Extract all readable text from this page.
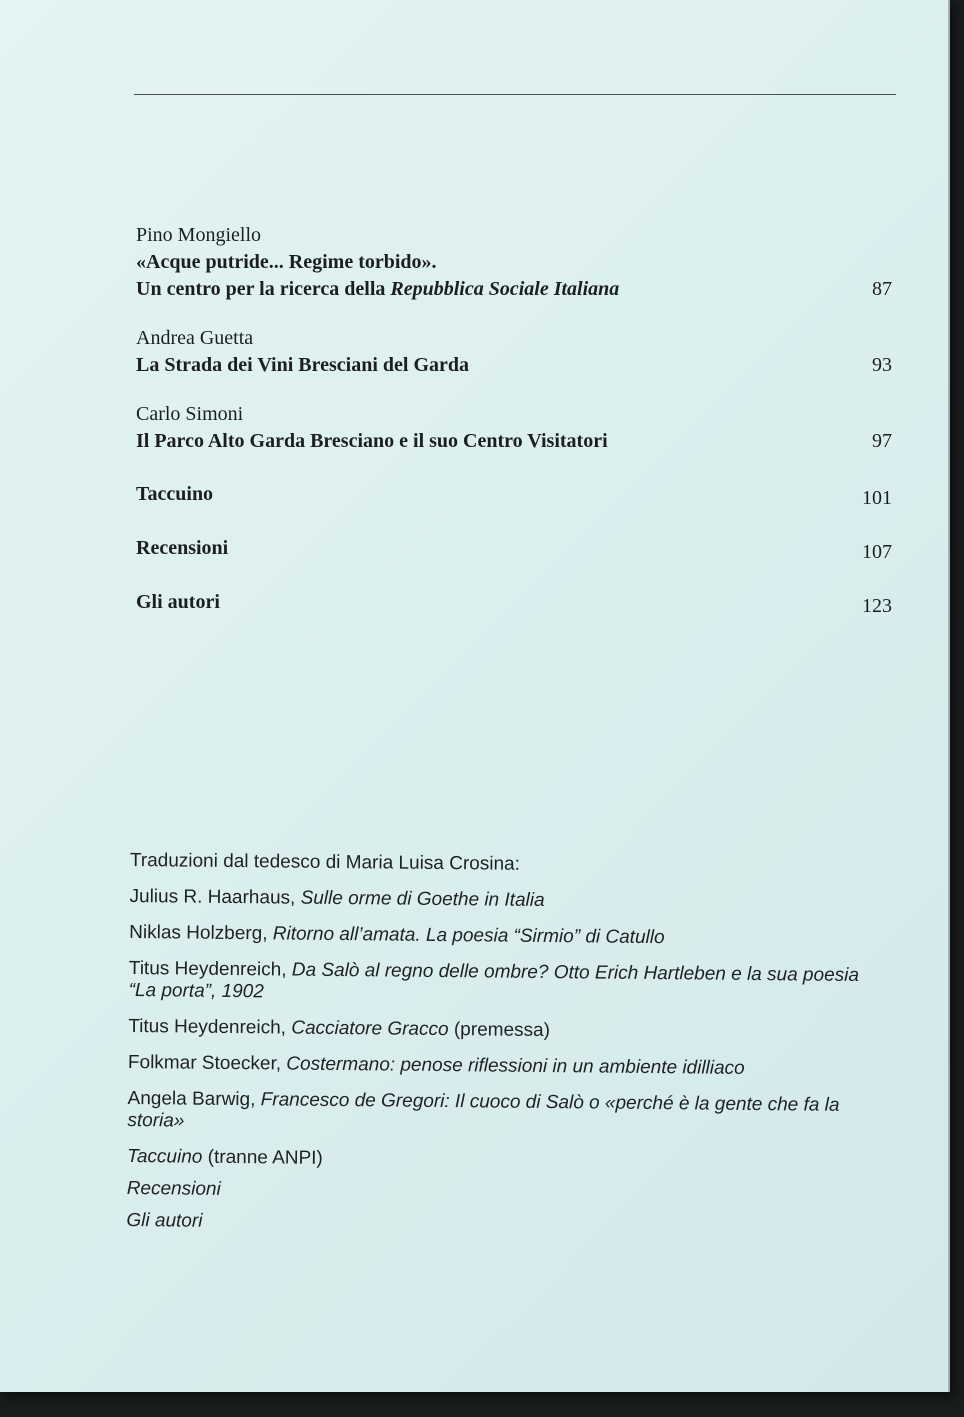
Pino Mongiello
«Acque putride... Regime torbido».
Un centro per la ricerca della Repubblica Sociale Italiana	87
Andrea Guetta
La Strada dei Vini Bresciani del Garda	93
Carlo Simoni
Il Parco Alto Garda Bresciano e il suo Centro Visitatori	97
Taccuino	101
Recensioni	107
Gli autori	123
Traduzioni dal tedesco di Maria Luisa Crosina:
Julius R. Haarhaus, Sulle orme di Goethe in Italia
Niklas Holzberg, Ritorno all’amata. La poesia “Sirmio” di Catullo
Titus Heydenreich, Da Salò al regno delle ombre? Otto Erich Hartleben e la sua poesia “La porta”, 1902
Titus Heydenreich, Cacciatore Gracco (premessa)
Folkmar Stoecker, Costermano: penose riflessioni in un ambiente idilliaco
Angela Barwig, Francesco de Gregori: Il cuoco di Salò o «perché è la gente che fa la storia»
Taccuino (tranne ANPI)
Recensioni
Gli autori
